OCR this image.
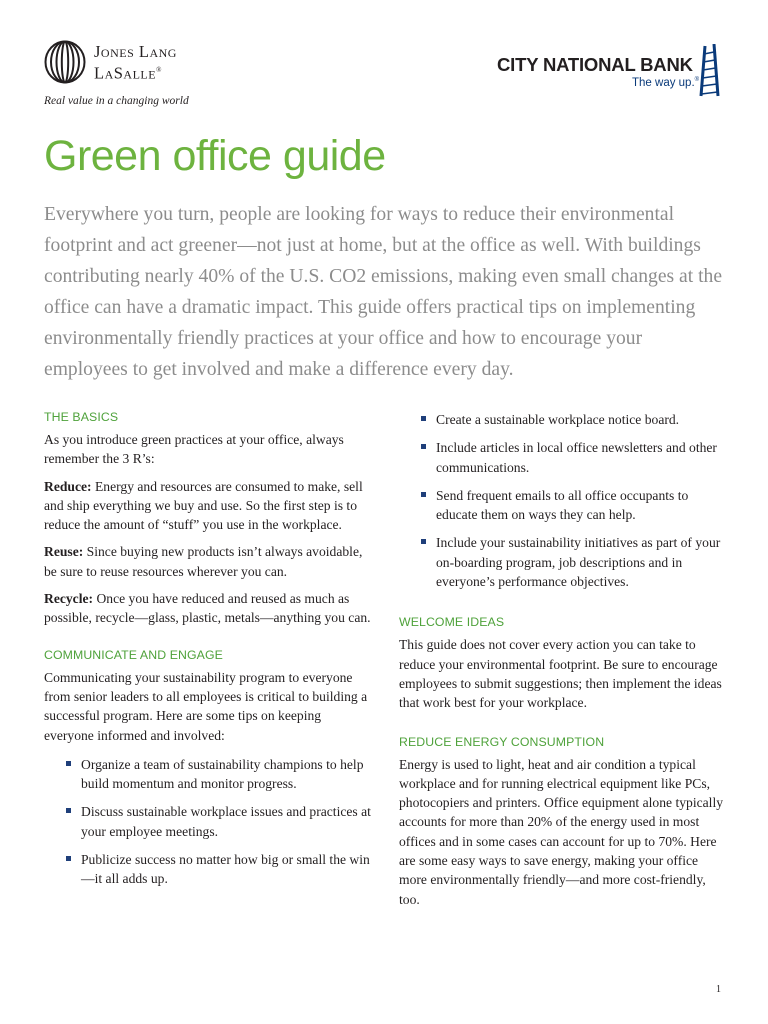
Jones Lang
LaSalle®
Real value in a changing world
CITY NATIONAL BANK
The way up.®
Green office guide

Everywhere you turn, people are looking for ways to reduce their environmental footprint and act greener—not just at home, but at the office as well. With buildings contributing nearly 40% of the U.S. CO2 emissions, making even small changes at the office can have a dramatic impact. This guide offers practical tips on implementing environmentally friendly practices at your office and how to encourage your employees to get involved and make a difference every day.

THE BASICS

As you introduce green practices at your office, always remember the 3 R’s:

Reduce: Energy and resources are consumed to make, sell and ship everything we buy and use. So the first step is to reduce the amount of “stuff” you use in the workplace.

Reuse: Since buying new products isn’t always avoidable, be sure to reuse resources wherever you can.

Recycle: Once you have reduced and reused as much as possible, recycle—glass, plastic, metals—anything you can.

COMMUNICATE AND ENGAGE

Communicating your sustainability program to everyone from senior leaders to all employees is critical to building a successful program. Here are some tips on keeping everyone informed and involved:

Organize a team of sustainability champions to help build momentum and monitor progress.
Discuss sustainable workplace issues and practices at your employee meetings.
Publicize success no matter how big or small the win—it all adds up.
Create a sustainable workplace notice board.
Include articles in local office newsletters and other communications.
Send frequent emails to all office occupants to educate them on ways they can help.
Include your sustainability initiatives as part of your on-boarding program, job descriptions and in everyone’s performance objectives.
WELCOME IDEAS

This guide does not cover every action you can take to reduce your environmental footprint. Be sure to encourage employees to submit suggestions; then implement the ideas that work best for your workplace.

REDUCE ENERGY CONSUMPTION

Energy is used to light, heat and air condition a typical workplace and for running electrical equipment like PCs, photocopiers and printers. Office equipment alone typically accounts for more than 20% of the energy used in most offices and in some cases can account for up to 70%. Here are some easy ways to save energy, making your office more environmentally friendly—and more cost-friendly, too.

1
